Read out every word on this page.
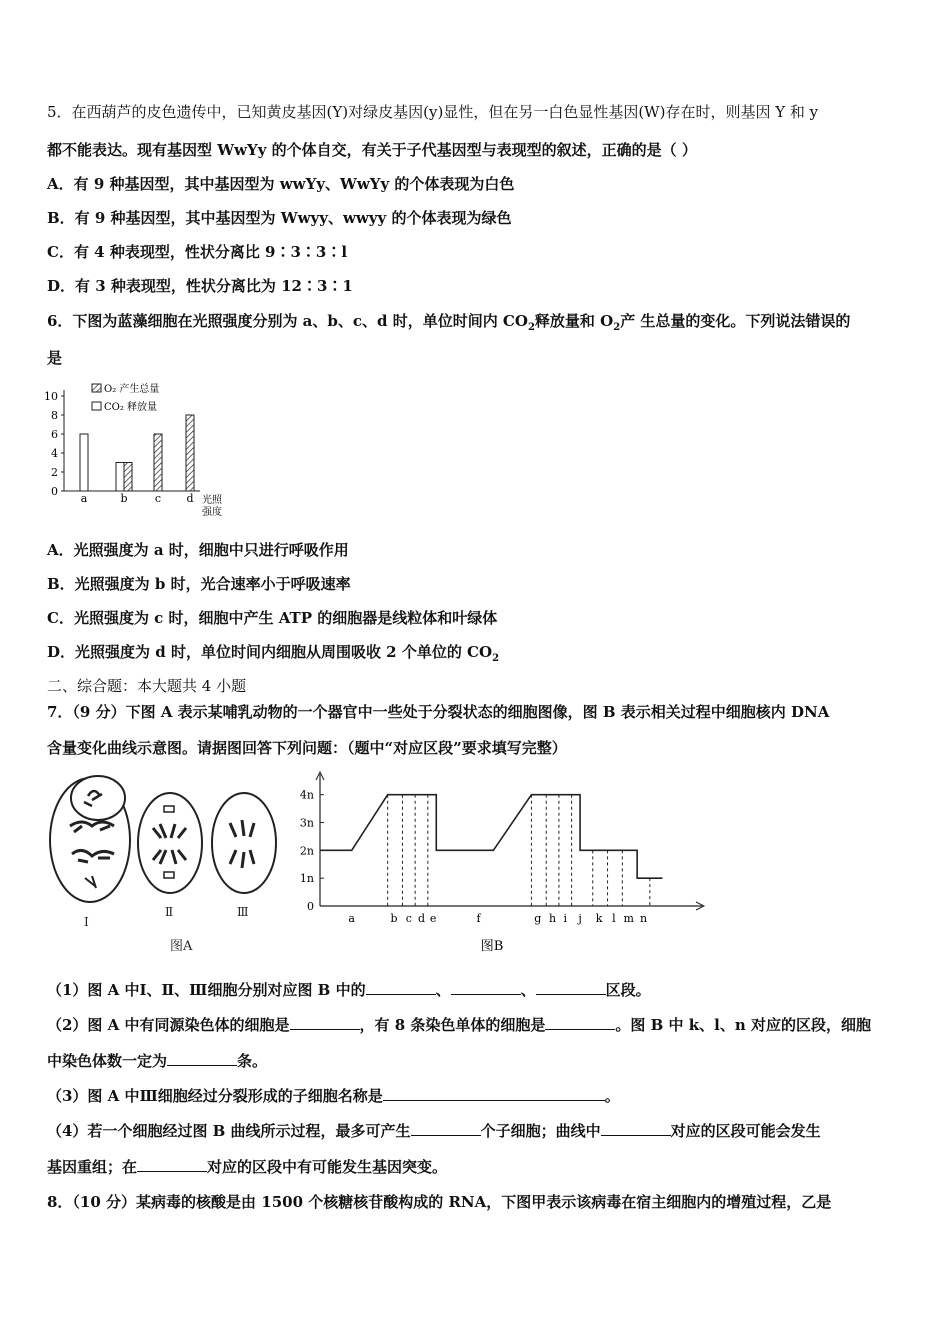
5．在西葫芦的皮色遗传中，已知黄皮基因(Y)对绿皮基因(y)显性，但在另一白色显性基因(W)存在时，则基因 Y 和 y
都不能表达。现有基因型 WwYy 的个体自交，有关于子代基因型与表现型的叙述，正确的是（ ）
A．有 9 种基因型，其中基因型为 wwYy、WwYy 的个体表现为白色
B．有 9 种基因型，其中基因型为 Wwyy、wwyy 的个体表现为绿色
C．有 4 种表现型，性状分离比 9∶3∶3∶l
D．有 3 种表现型，性状分离比为 12∶3∶1
6．下图为蓝藻细胞在光照强度分别为 a、b、c、d 时，单位时间内 $CO_2$释放量和 $O_2$产 生总量的变化。下列说法错误的
是
0
2
4
6
8
10
a	b c d 光照
强度
O₂ 产生总量
CO₂ 释放量
A．光照强度为 a 时，细胞中只进行呼吸作用
B．光照强度为 b 时，光合速率小于呼吸速率
C．光照强度为 c 时，细胞中产生 ATP 的细胞器是线粒体和叶绿体
D．光照强度为 d 时，单位时间内细胞从周围吸收 2 个单位的 $CO_2$
二、综合题：本大题共 4 小题
7．（9 分）下图 A 表示某哺乳动物的一个器官中一些处于分裂状态的细胞图像，图 B 表示相关过程中细胞核内 DNA
含量变化曲线示意图。请据图回答下列问题：（题中“对应区段”要求填写完整）
Ⅰ
Ⅱ	Ⅲ
图A
0
1n
2n
3n
4n
a	b c d e	f	g h i j k l m n
图B
（1）图 A 中Ⅰ、Ⅱ、Ⅲ细胞分别对应图 B 中的	、	、	区段。
（2）图 A 中有同源染色体的细胞是	，有 8 条染色单体的细胞是	。图 B 中 k、l、n 对应的区段，细胞
中染色体数一定为	条。
（3）图 A 中Ⅲ细胞经过分裂形成的子细胞名称是	。
（4）若一个细胞经过图 B 曲线所示过程，最多可产生	个子细胞；曲线中	对应的区段可能会发生
基因重组；在	对应的区段中有可能发生基因突变。
8．（10 分）某病毒的核酸是由 1500 个核糖核苷酸构成的 RNA，下图甲表示该病毒在宿主细胞内的增殖过程，乙是
